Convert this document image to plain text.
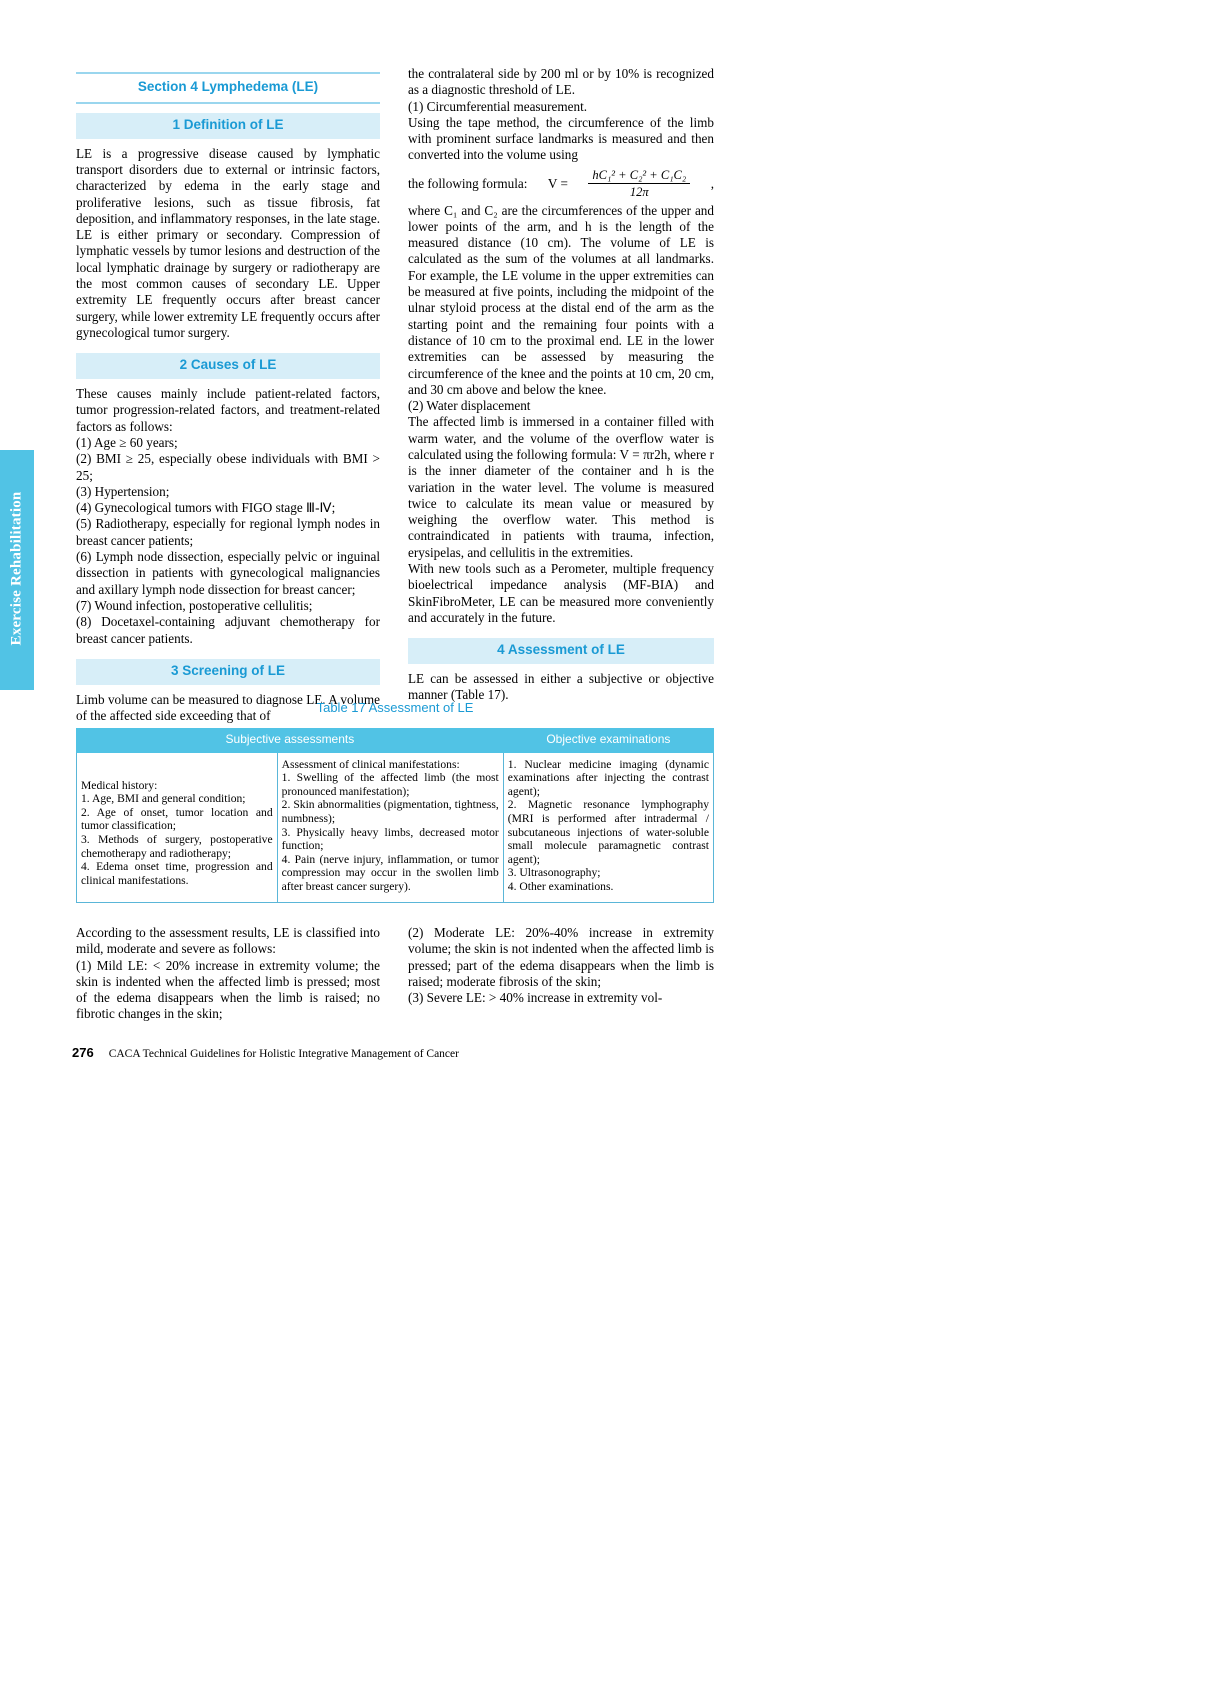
Exercise Rehabilitation
Section 4 Lymphedema (LE)
1 Definition of LE

LE is a progressive disease caused by lymphatic transport disorders due to external or intrinsic factors, characterized by edema in the early stage and proliferative lesions, such as tissue fibrosis, fat deposition, and inflammatory responses, in the late stage. LE is either primary or secondary. Compression of lymphatic vessels by tumor lesions and destruction of the local lymphatic drainage by surgery or radiotherapy are the most common causes of secondary LE. Upper extremity LE frequently occurs after breast cancer surgery, while lower extremity LE frequently occurs after gynecological tumor surgery.

2 Causes of LE

These causes mainly include patient-related factors, tumor progression-related factors, and treatment-related factors as follows:

(1) Age ≥ 60 years;

(2) BMI ≥ 25, especially obese individuals with BMI > 25;

(3) Hypertension;

(4) Gynecological tumors with FIGO stage Ⅲ-Ⅳ;

(5) Radiotherapy, especially for regional lymph nodes in breast cancer patients;

(6) Lymph node dissection, especially pelvic or inguinal dissection in patients with gynecological malignancies and axillary lymph node dissection for breast cancer;

(7) Wound infection, postoperative cellulitis;

(8) Docetaxel-containing adjuvant chemotherapy for breast cancer patients.

3 Screening of LE

Limb volume can be measured to diagnose LE. A volume of the affected side exceeding that of

the contralateral side by 200 ml or by 10% is recognized as a diagnostic threshold of LE.

(1) Circumferential measurement.

Using the tape method, the circumference of the limb with prominent surface landmarks is measured and then converted into the volume using

the following formula: $V = \frac{\text{hC₁² + C₂² + C₁C₂}}{12\pi}$ ,

where C₁ and C₂ are the circumferences of the upper and lower points of the arm, and h is the length of the measured distance (10 cm). The volume of LE is calculated as the sum of the volumes at all landmarks. For example, the LE volume in the upper extremities can be measured at five points, including the midpoint of the ulnar styloid process at the distal end of the arm as the starting point and the remaining four points with a distance of 10 cm to the proximal end. LE in the lower extremities can be assessed by measuring the circumference of the knee and the points at 10 cm, 20 cm, and 30 cm above and below the knee.

(2) Water displacement

The affected limb is immersed in a container filled with warm water, and the volume of the overflow water is calculated using the following formula: V = πr2h, where r is the inner diameter of the container and h is the variation in the water level. The volume is measured twice to calculate its mean value or measured by weighing the overflow water. This method is contraindicated in patients with trauma, infection, erysipelas, and cellulitis in the extremities.

With new tools such as a Perometer, multiple frequency bioelectrical impedance analysis (MF-BIA) and SkinFibroMeter, LE can be measured more conveniently and accurately in the future.

4 Assessment of LE

LE can be assessed in either a subjective or objective manner (Table 17).

Table 17 Assessment of LE
Subjective assessments		Objective examinations

Medical history:
1. Age, BMI and general condition;
2. Age of onset, tumor location and tumor classification;
3. Methods of surgery, postoperative chemotherapy and radiotherapy;
4. Edema onset time, progression and clinical manifestations.

Assessment of clinical manifestations:
1. Swelling of the affected limb (the most pronounced manifestation);
2. Skin abnormalities (pigmentation, tightness, numbness);
3. Physically heavy limbs, decreased motor function;
4. Pain (nerve injury, inflammation, or tumor compression may occur in the swollen limb after breast cancer surgery).

1. Nuclear medicine imaging (dynamic examinations after injecting the contrast agent);
2. Magnetic resonance lymphography (MRI is performed after intradermal / subcutaneous injections of water-soluble small molecule paramagnetic contrast agent);
3. Ultrasonography;
4. Other examinations.

According to the assessment results, LE is classified into mild, moderate and severe as follows:

(1) Mild LE: < 20% increase in extremity volume; the skin is indented when the affected limb is pressed; most of the edema disappears when the limb is raised; no fibrotic changes in the skin;

(2) Moderate LE: 20%-40% increase in extremity volume; the skin is not indented when the affected limb is pressed; part of the edema disappears when the limb is raised; moderate fibrosis of the skin;

(3) Severe LE: > 40% increase in extremity vol-

276 CACA Technical Guidelines for Holistic Integrative Management of Cancer
